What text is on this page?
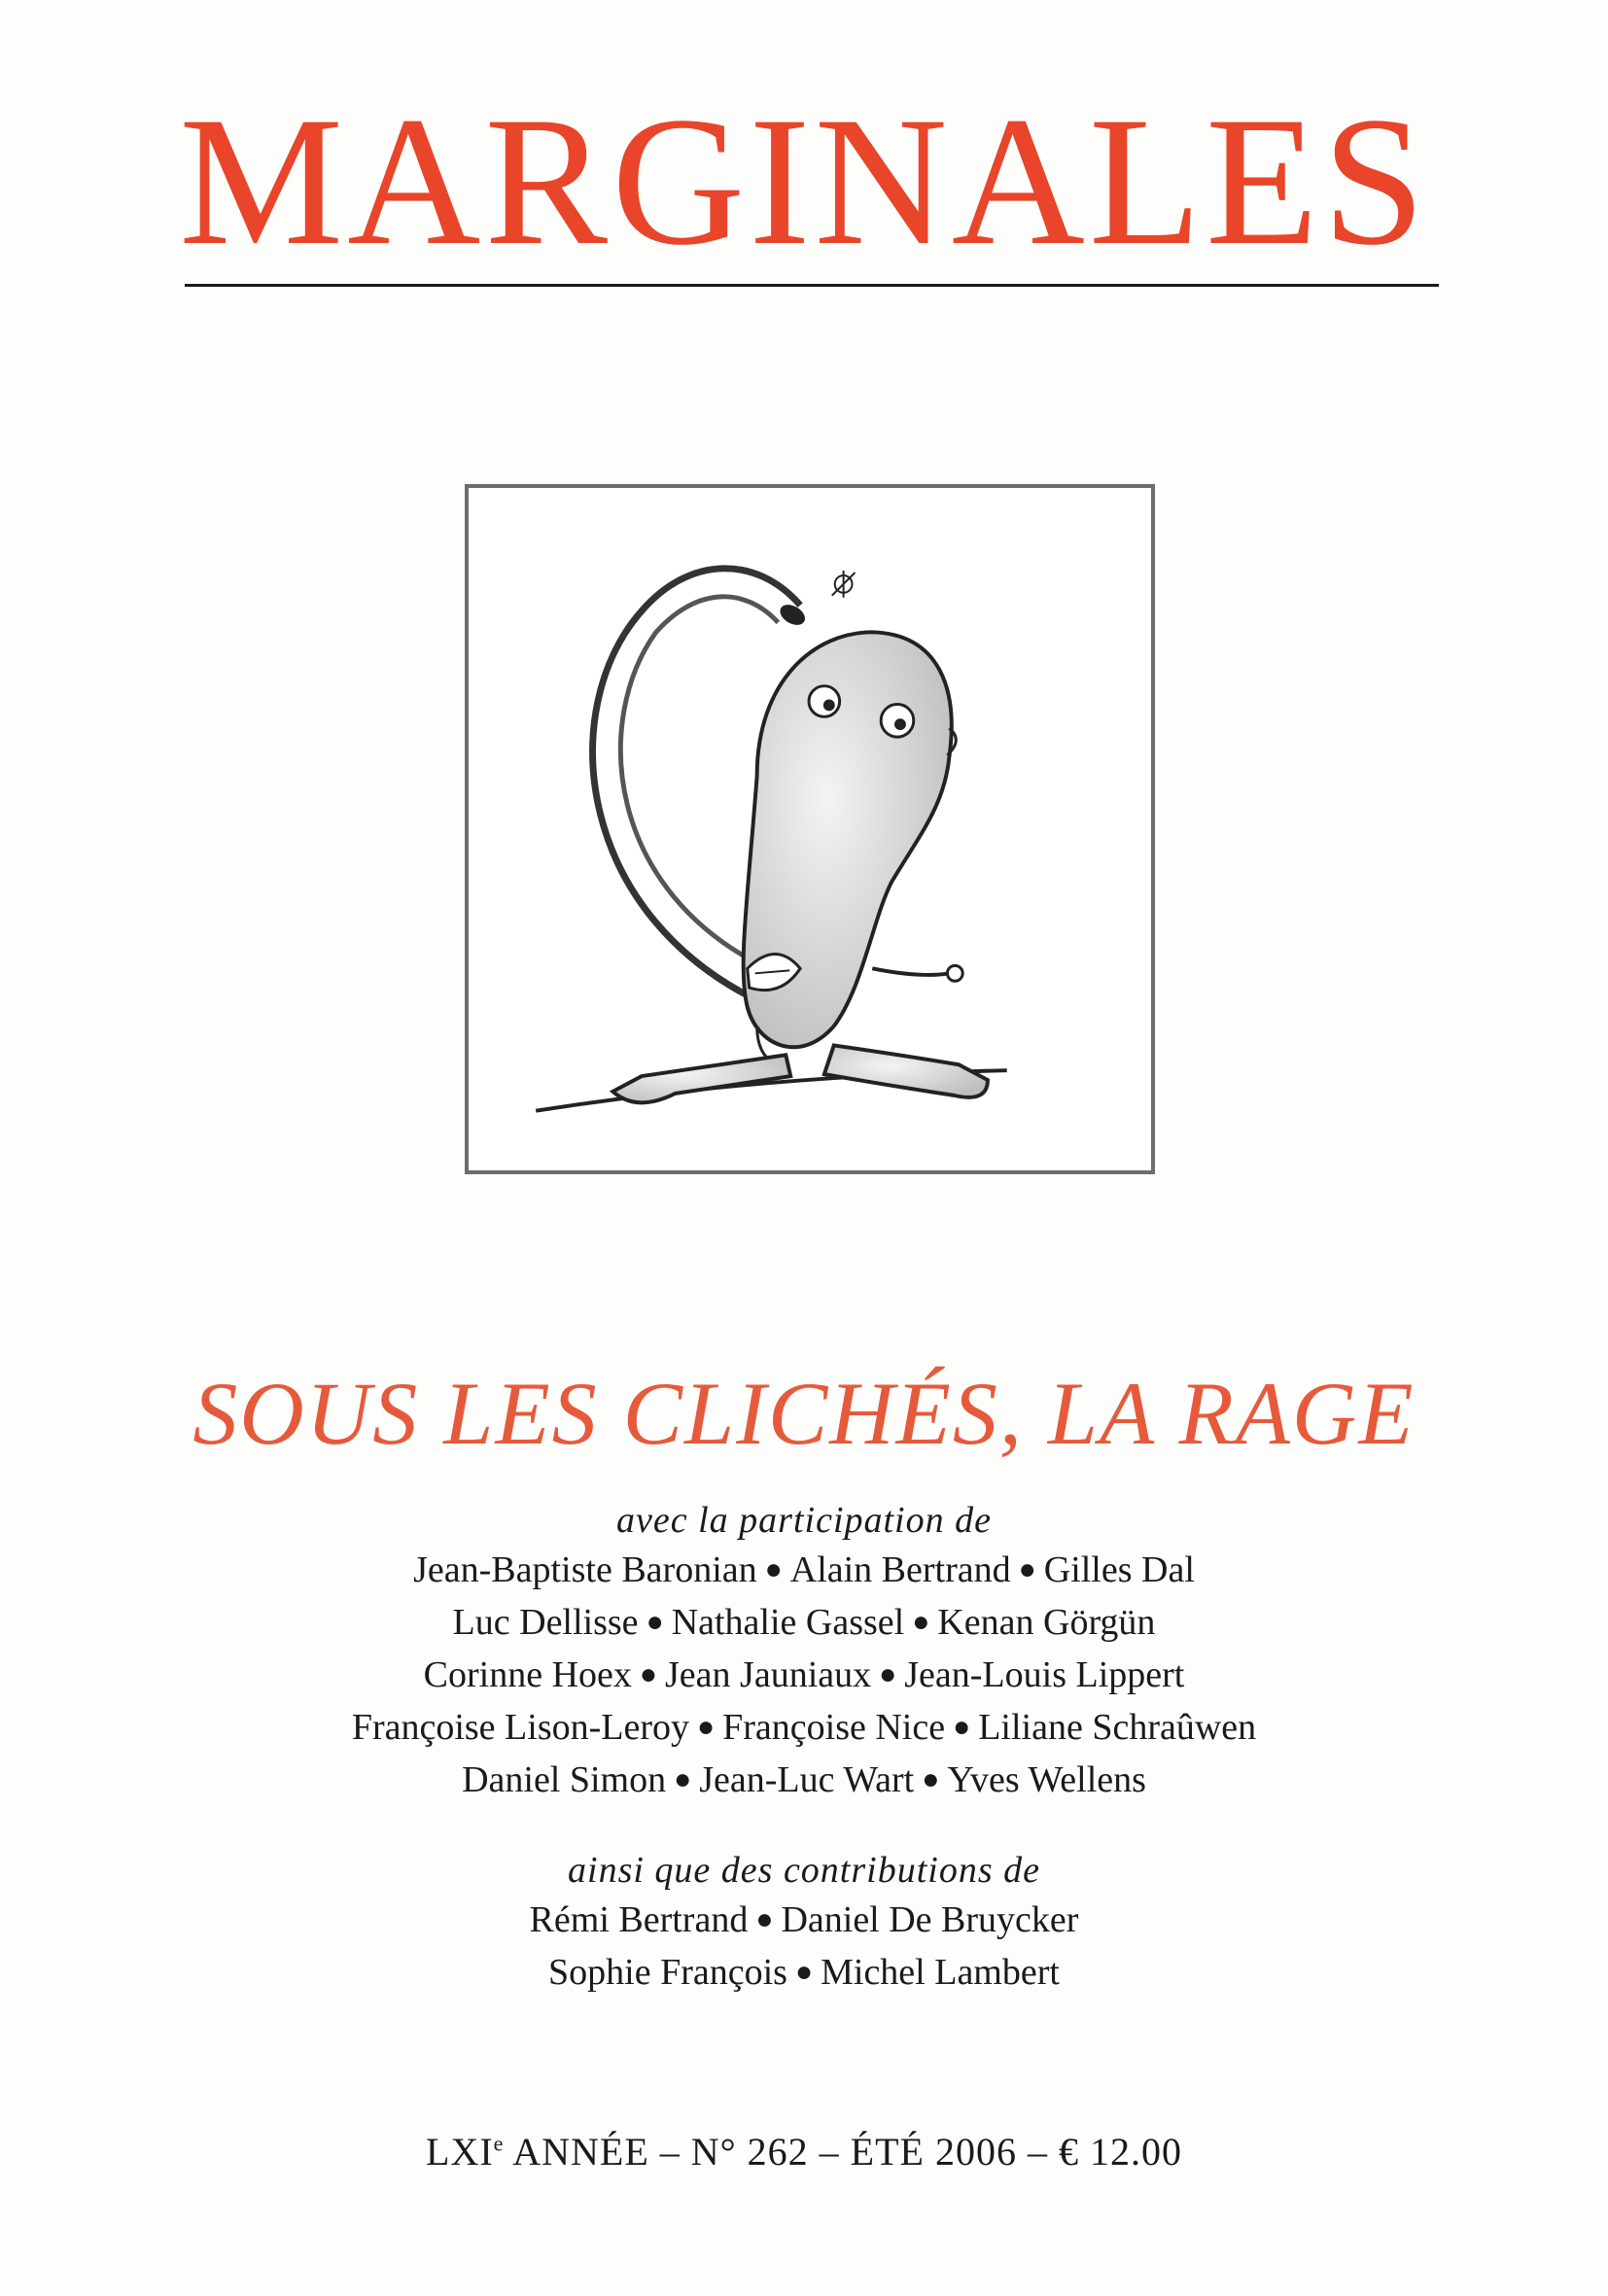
MARGINALES
SOUS LES CLICHÉS, LA RAGE
avec la participation de
Jean-Baptiste Baronian ● Alain Bertrand ● Gilles Dal
Luc Dellisse ● Nathalie Gassel ● Kenan Görgün
Corinne Hoex ● Jean Jauniaux ● Jean-Louis Lippert
Françoise Lison-Leroy ● Françoise Nice ● Liliane Schraûwen
Daniel Simon ● Jean-Luc Wart ● Yves Wellens
ainsi que des contributions de
Rémi Bertrand ● Daniel De Bruycker
Sophie François ● Michel Lambert
LXIe ANNÉE – N° 262 – ÉTÉ 2006 – € 12.00
